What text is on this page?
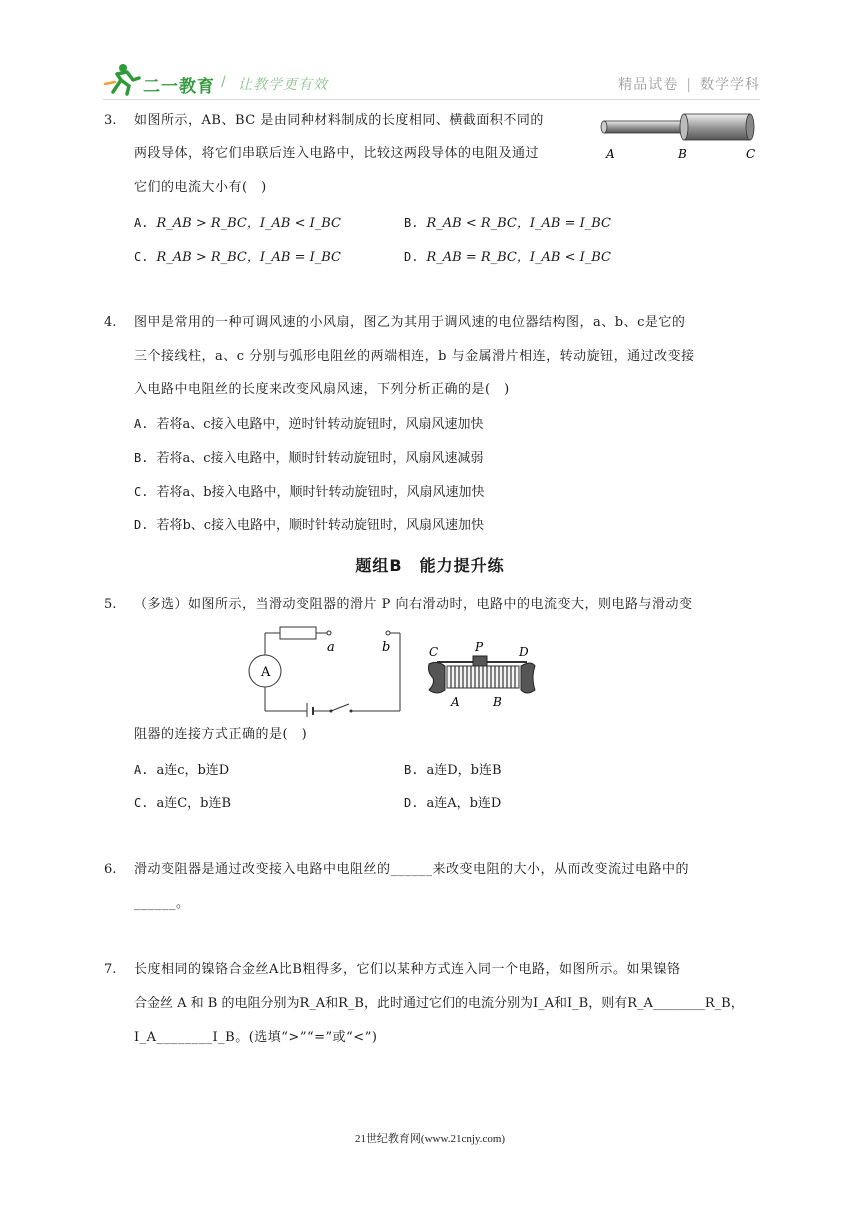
二一教育 / 让教学更有效	精品试卷 | 数学学科
3. 如图所示，AB、BC 是由同种材料制成的长度相同、横截面积不同的
两段导体，将它们串联后连入电路中，比较这两段导体的电阻及通过
它们的电流大小有(　)
A	B	C
A. R_AB > R_BC，I_AB < I_BC	B. R_AB < R_BC，I_AB = I_BC
C. R_AB > R_BC，I_AB = I_BC	D. R_AB = R_BC，I_AB < I_BC
4. 图甲是常用的一种可调风速的小风扇，图乙为其用于调风速的电位器结构图，a、b、c是它的
三个接线柱，a、c 分别与弧形电阻丝的两端相连，b 与金属滑片相连，转动旋钮，通过改变接
入电路中电阻丝的长度来改变风扇风速，下列分析正确的是(　)
A. 若将a、c接入电路中，逆时针转动旋钮时，风扇风速加快
B. 若将a、c接入电路中，顺时针转动旋钮时，风扇风速减弱
C. 若将a、b接入电路中，顺时针转动旋钮时，风扇风速加快
D. 若将b、c接入电路中，顺时针转动旋钮时，风扇风速加快
题组B　能力提升练
5. （多选）如图所示，当滑动变阻器的滑片 P 向右滑动时，电路中的电流变大，则电路与滑动变
A
a	b	C	P	D
A	B
阻器的连接方式正确的是(　)
A. a连c，b连D	B. a连D，b连B
C. a连C，b连B	D. a连A，b连D
6. 滑动变阻器是通过改变接入电路中电阻丝的______来改变电阻的大小，从而改变流过电路中的
______。
7. 长度相同的镍铬合金丝A比B粗得多，它们以某种方式连入同一个电路，如图所示。如果镍铬
合金丝 A 和 B 的电阻分别为R_A和R_B，此时通过它们的电流分别为I_A和I_B，则有R_A________R_B，
I_A________I_B。(选填“>”“=”或“<”)
21世纪教育网(www.21cnjy.com)
